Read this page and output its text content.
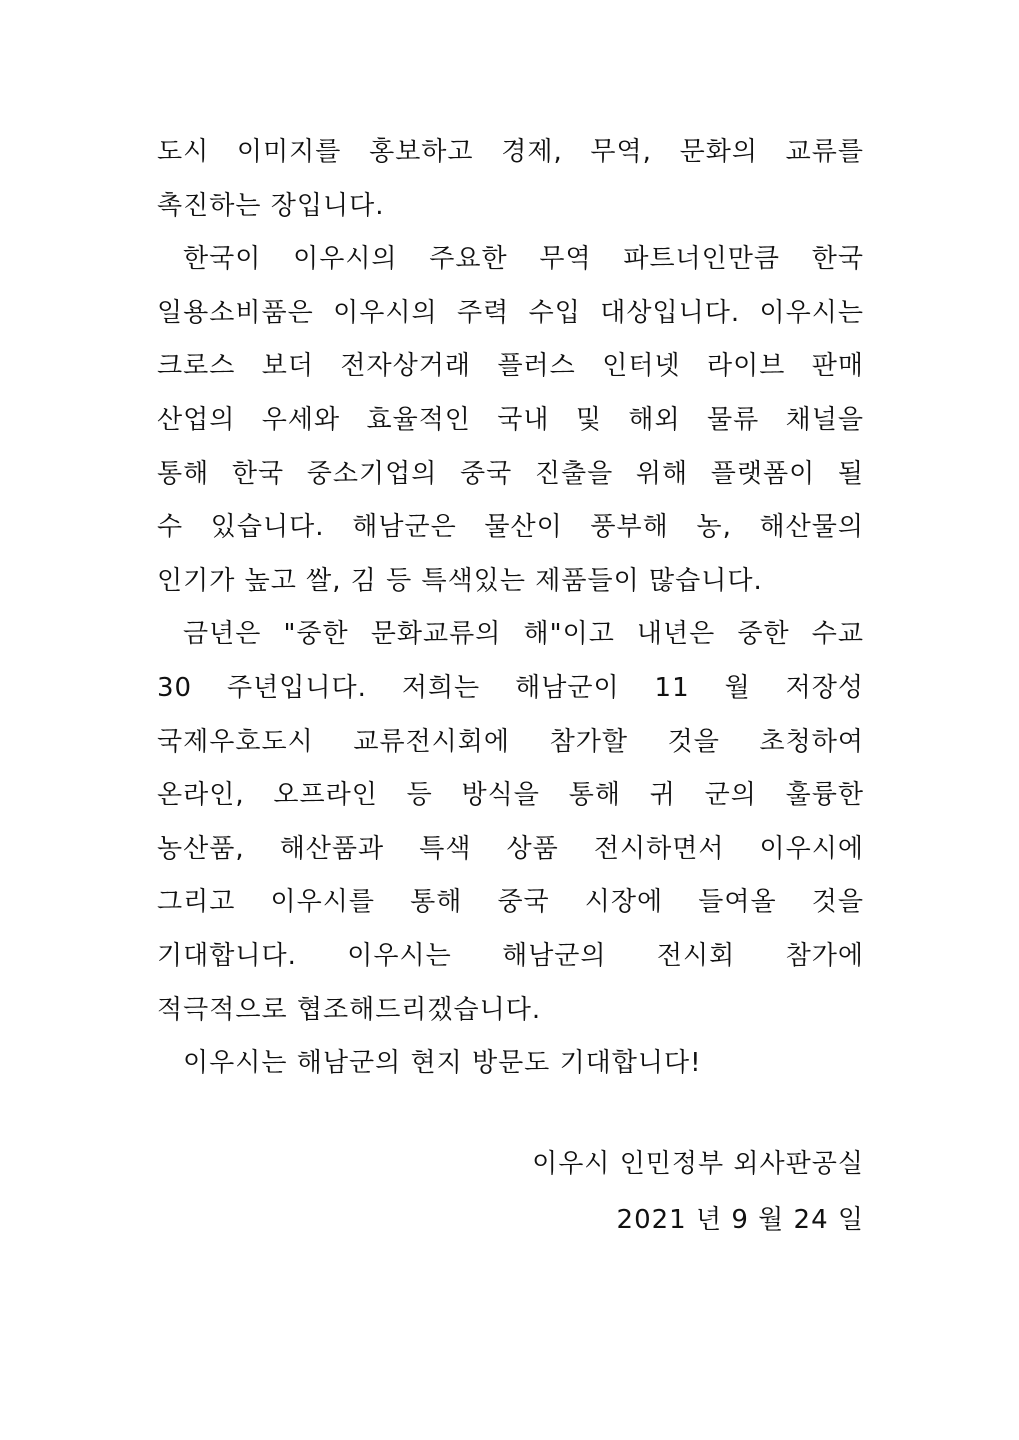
도시 이미지를 홍보하고 경제, 무역, 문화의 교류를
촉진하는 장입니다.
한국이 이우시의 주요한 무역 파트너인만큼 한국
일용소비품은 이우시의 주력 수입 대상입니다. 이우시는
크로스 보더 전자상거래 플러스 인터넷 라이브 판매
산업의 우세와 효율적인 국내 및 해외 물류 채널을
통해 한국 중소기업의 중국 진출을 위해 플랫폼이 될
수 있습니다. 해남군은 물산이 풍부해 농, 해산물의
인기가 높고 쌀, 김 등 특색있는 제품들이 많습니다.
금년은 "중한 문화교류의 해"이고 내년은 중한 수교
30 주년입니다. 저희는 해남군이 11 월 저장성
국제우호도시 교류전시회에 참가할 것을 초청하여
온라인, 오프라인 등 방식을 통해 귀 군의 훌륭한
농산품, 해산품과 특색 상품 전시하면서 이우시에
그리고 이우시를 통해 중국 시장에 들여올 것을
기대합니다. 이우시는 해남군의 전시회 참가에
적극적으로 협조해드리겠습니다.
이우시는 해남군의 현지 방문도 기대합니다!
이우시 인민정부 외사판공실
2021 년 9 월 24 일
